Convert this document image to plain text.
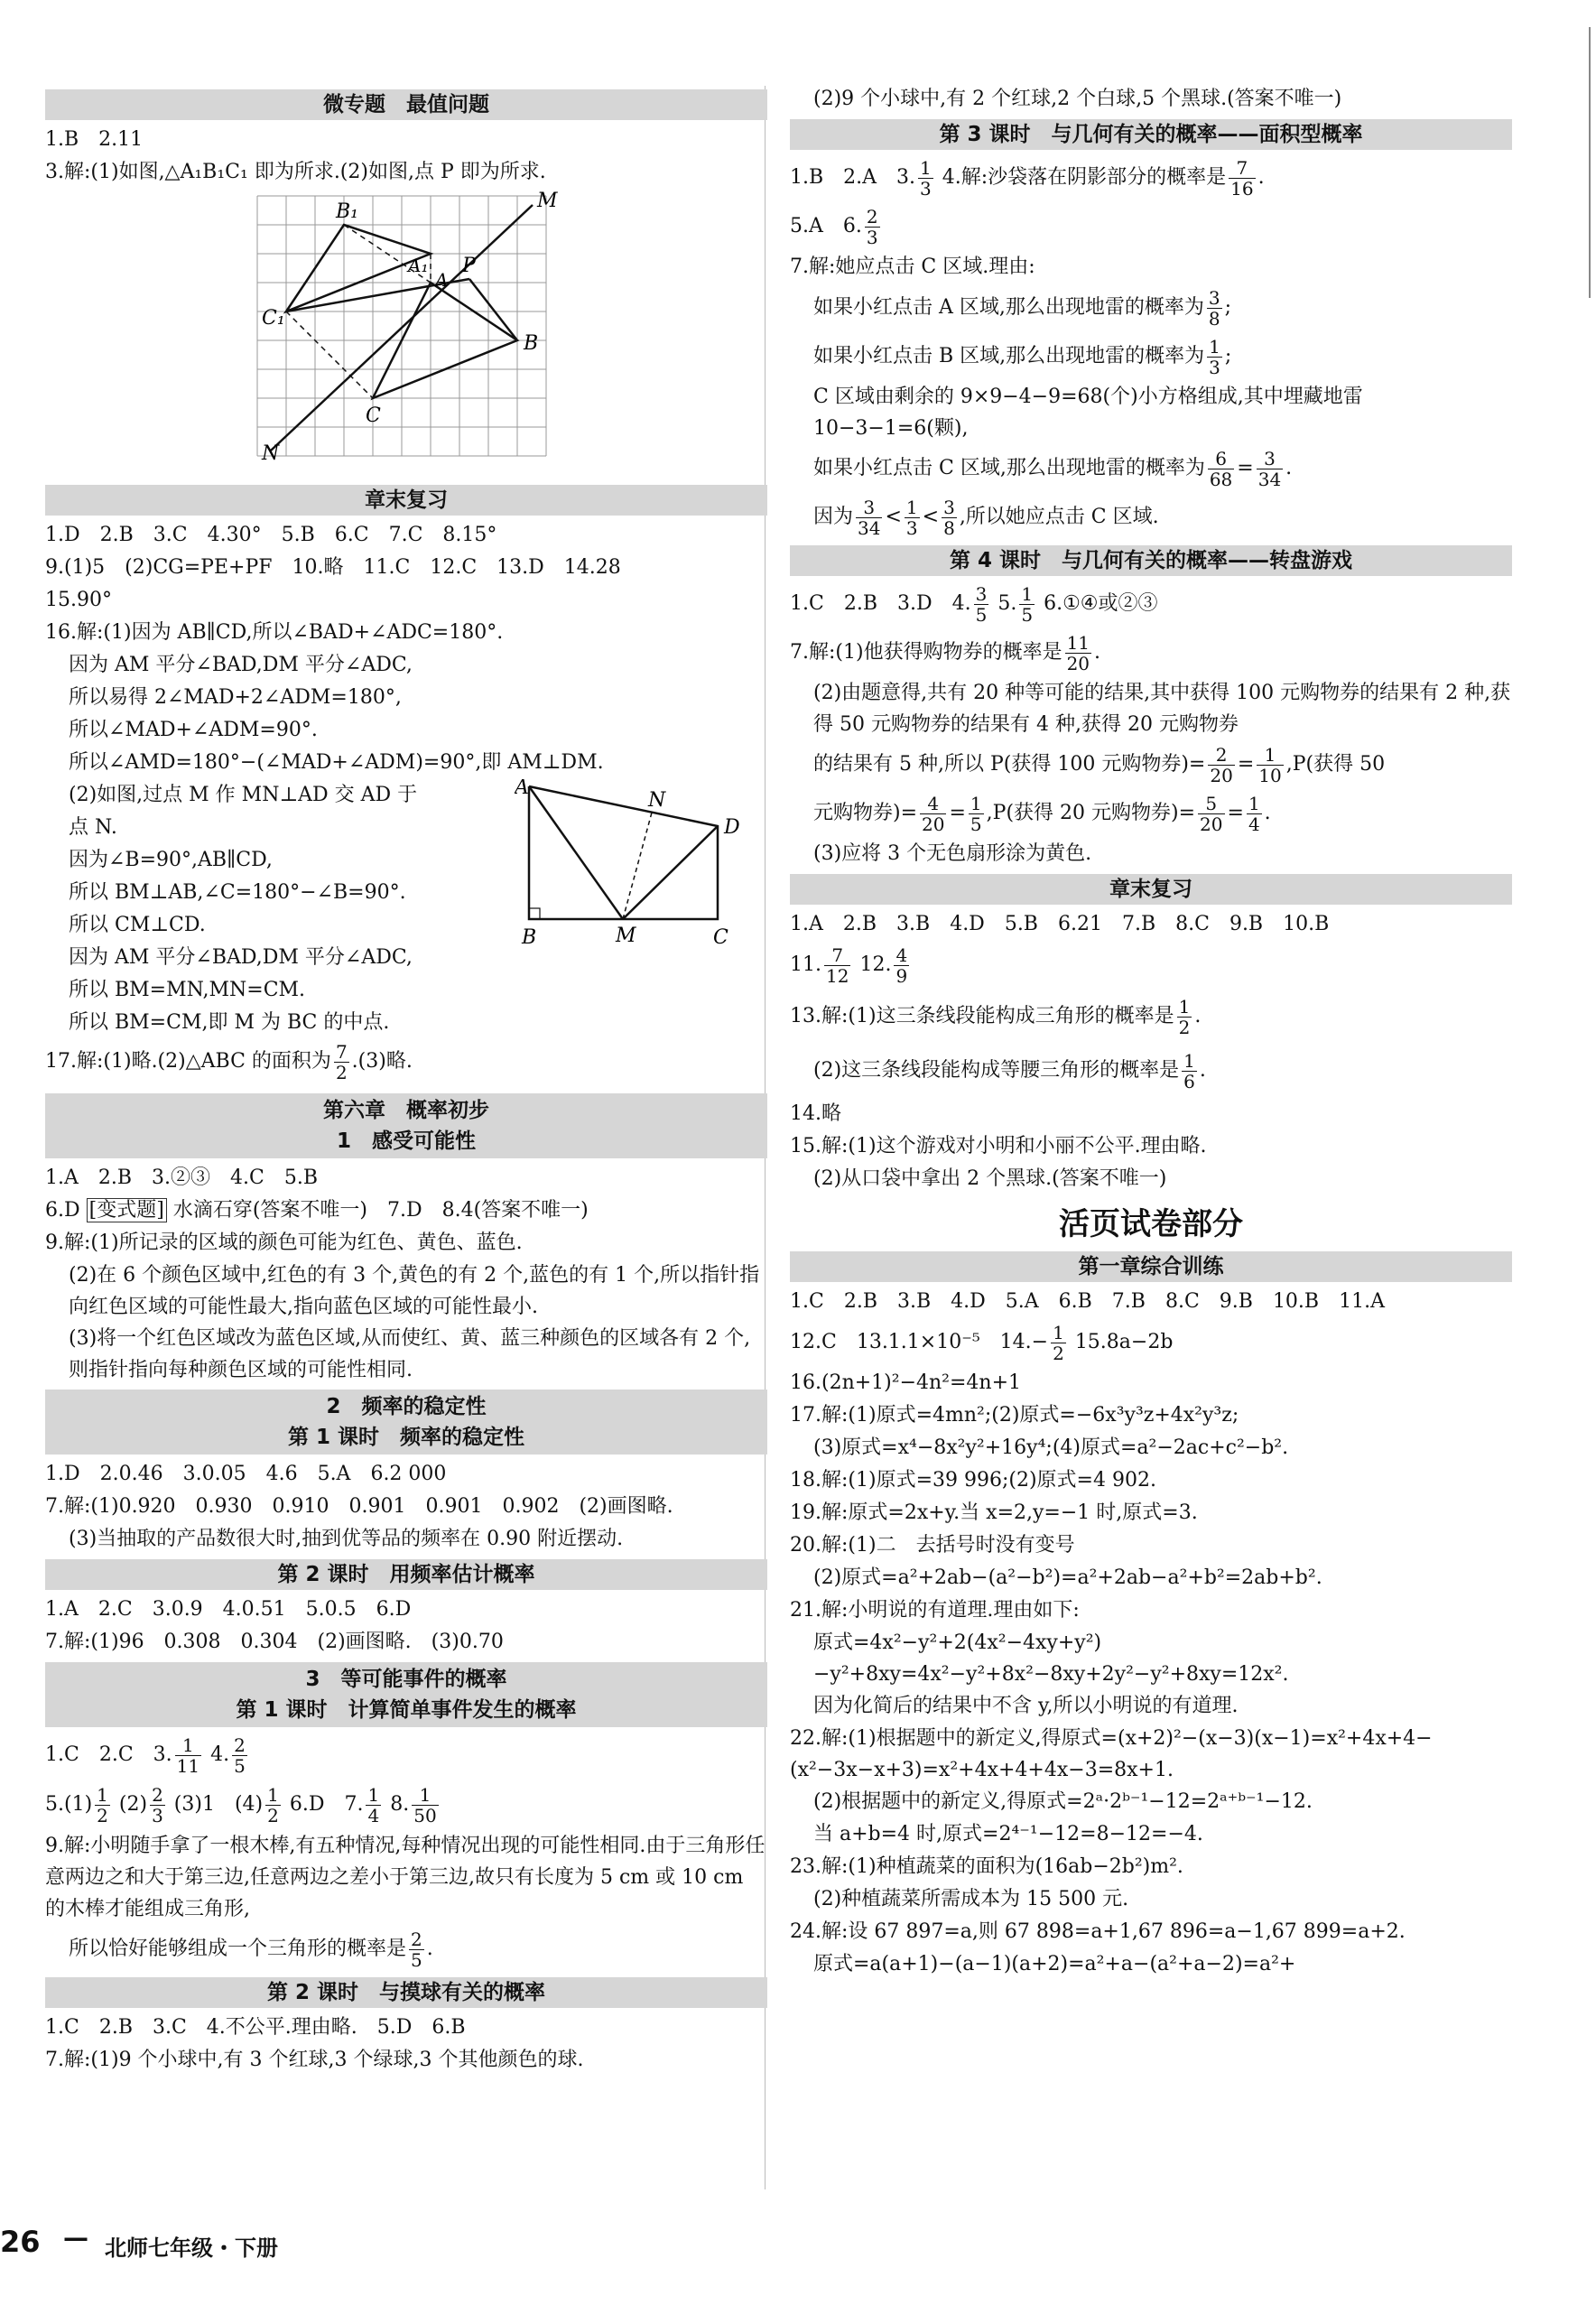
微专题　最值问题
1.B　2.11
3.解:(1)如图,△A₁B₁C₁ 即为所求.(2)如图,点 P 即为所求.
B₁	M
P
A₁
A
C₁
B
C
N
章末复习
1.D　2.B　3.C　4.30°　5.B　6.C　7.C　8.15°
9.(1)5　(2)CG=PE+PF　10.略　11.C　12.C　13.D　14.28
15.90°
16.解:(1)因为 AB∥CD,所以∠BAD+∠ADC=180°.
因为 AM 平分∠BAD,DM 平分∠ADC,
所以易得 2∠MAD+2∠ADM=180°,
所以∠MAD+∠ADM=90°.
所以∠AMD=180°−(∠MAD+∠ADM)=90°,即 AM⊥DM.
(2)如图,过点 M 作 MN⊥AD 交 AD 于
点 N.
因为∠B=90°,AB∥CD,
所以 BM⊥AB,∠C=180°−∠B=90°.
所以 CM⊥CD.
因为 AM 平分∠BAD,DM 平分∠ADC,
所以 BM=MN,MN=CM.
A
N
D
B	M	C
所以 BM=CM,即 M 为 BC 的中点.
17.解:(1)略.(2)△ABC 的面积为 $\frac{7}{2} .(3)$略.
第六章　概率初步
1　感受可能性
1.A　2.B　3.②③　4.C　5.B
6.D [变式题] 水滴石穿(答案不唯一)　7.D　8.4(答案不唯一)
9.解:(1)所记录的区域的颜色可能为红色、黄色、蓝色.
(2)在 6 个颜色区域中,红色的有 3 个,黄色的有 2 个,蓝色的有 1 个,所以指针指向红色区域的可能性最大,指向蓝色区域的可能性最小.
(3)将一个红色区域改为蓝色区域,从而使红、黄、蓝三种颜色的区域各有 2 个,则指针指向每种颜色区域的可能性相同.
2　频率的稳定性
第 1 课时　频率的稳定性
1.D　2.0.46　3.0.05　4.6　5.A　6.2 000
7.解:(1)0.920　0.930　0.910　0.901　0.901　0.902　(2)画图略.
(3)当抽取的产品数很大时,抽到优等品的频率在 0.90 附近摆动.
第 2 课时　用频率估计概率
1.A　2.C　3.0.9　4.0.51　5.0.5　6.D
7.解:(1)96　0.308　0.304　(2)画图略.　(3)0.70
3　等可能事件的概率
第 1 课时　计算简单事件发生的概率
1.C　2.C　3. $\frac{1}{11} 4$. $\frac{2}{5}$
$5.(1) \frac{1}{2} (2) \frac{2}{3} (3)1$　$(4) \frac{1}{2} 6.D$　7. $\frac{1}{4} 8$. $\frac{1}{50}$
9.解:小明随手拿了一根木棒,有五种情况,每种情况出现的可能性相同.由于三角形任意两边之和大于第三边,任意两边之差小于第三边,故只有长度为 5 cm 或 10 cm 的木棒才能组成三角形,
所以恰好能够组成一个三角形的概率是 $\frac{2}{5}$ .
第 2 课时　与摸球有关的概率
1.C　2.B　3.C　4.不公平.理由略.　5.D　6.B
7.解:(1)9 个小球中,有 3 个红球,3 个绿球,3 个其他颜色的球.
(2)9 个小球中,有 2 个红球,2 个白球,5 个黑球.(答案不唯一)
第 3 课时　与几何有关的概率——面积型概率
1.B　2.A　3. $\frac{1}{3} 4$.解:沙袋落在阴影部分的概率是 $\frac{7}{16}$ .
5.A　6. $\frac{2}{3}$
7.解:她应点击 C 区域.理由:
如果小红点击 A 区域,那么出现地雷的概率为 $\frac{3}{8}$ ;
如果小红点击 B 区域,那么出现地雷的概率为 $\frac{1}{3}$ ;
C 区域由剩余的 9×9−4−9=68(个)小方格组成,其中埋藏地雷 10−3−1=6(颗),
如果小红点击 C 区域,那么出现地雷的概率为 $\frac{6}{68} = \frac{3}{34}$ .
因为 $\frac{3}{34} < \frac{1}{3} < \frac{3}{8}$ ,所以她应点击 C 区域.
第 4 课时　与几何有关的概率——转盘游戏
1.C　2.B　3.D　4. $\frac{3}{5} 5$. $\frac{1}{5}$ 6.①④或②③
7.解:(1)他获得购物券的概率是 $\frac{11}{20}$ .
(2)由题意得,共有 20 种等可能的结果,其中获得 100 元购物券的结果有 2 种,获得 50 元购物券的结果有 4 种,获得 20 元购物券
的结果有 5 种,所以 P(获得 100 元购物券)= $\frac{2}{20} = \frac{1}{10} ,P$(获得 50
元购物券)= $\frac{4}{20} = \frac{1}{5} ,P$(获得 20 元购物券)= $\frac{5}{20} = \frac{1}{4}$ .
(3)应将 3 个无色扇形涂为黄色.
章末复习
1.A　2.B　3.B　4.D　5.B　6.21　7.B　8.C　9.B　10.B
11. $\frac{7}{12} 12$. $\frac{4}{9}$
13.解:(1)这三条线段能构成三角形的概率是 $\frac{1}{2}$ .
(2)这三条线段能构成等腰三角形的概率是 $\frac{1}{6}$ .
14.略
15.解:(1)这个游戏对小明和小丽不公平.理由略.
(2)从口袋中拿出 2 个黑球.(答案不唯一)
活页试卷部分
第一章综合训练
1.C　2.B　3.B　4.D　5.A　6.B　7.B　8.C　9.B　10.B　11.A
12.C　13.1.1×10⁻⁵　$14.- \frac{1}{2} 15.8a-2b$
16.(2n+1)²−4n²=4n+1
17.解:(1)原式=4mn²;(2)原式=−6x³y³z+4x²y³z;
(3)原式=x⁴−8x²y²+16y⁴;(4)原式=a²−2ac+c²−b².
18.解:(1)原式=39 996;(2)原式=4 902.
19.解:原式=2x+y.当 x=2,y=−1 时,原式=3.
20.解:(1)二　去括号时没有变号
(2)原式=a²+2ab−(a²−b²)=a²+2ab−a²+b²=2ab+b².
21.解:小明说的有道理.理由如下:
原式=4x²−y²+2(4x²−4xy+y²)−y²+8xy=4x²−y²+8x²−8xy+2y²−y²+8xy=12x².
因为化简后的结果中不含 y,所以小明说的有道理.
22.解:(1)根据题中的新定义,得原式=(x+2)²−(x−3)(x−1)=x²+4x+4−(x²−3x−x+3)=x²+4x+4+4x−3=8x+1.
(2)根据题中的新定义,得原式=2ᵃ·2ᵇ⁻¹−12=2ᵃ⁺ᵇ⁻¹−12.
当 a+b=4 时,原式=2⁴⁻¹−12=8−12=−4.
23.解:(1)种植蔬菜的面积为(16ab−2b²)m².
(2)种植蔬菜所需成本为 15 500 元.
24.解:设 67 897=a,则 67 898=a+1,67 896=a−1,67 899=a+2.
原式=a(a+1)−(a−1)(a+2)=a²+a−(a²+a−2)=a²+
26 — 北师七年级・下册
